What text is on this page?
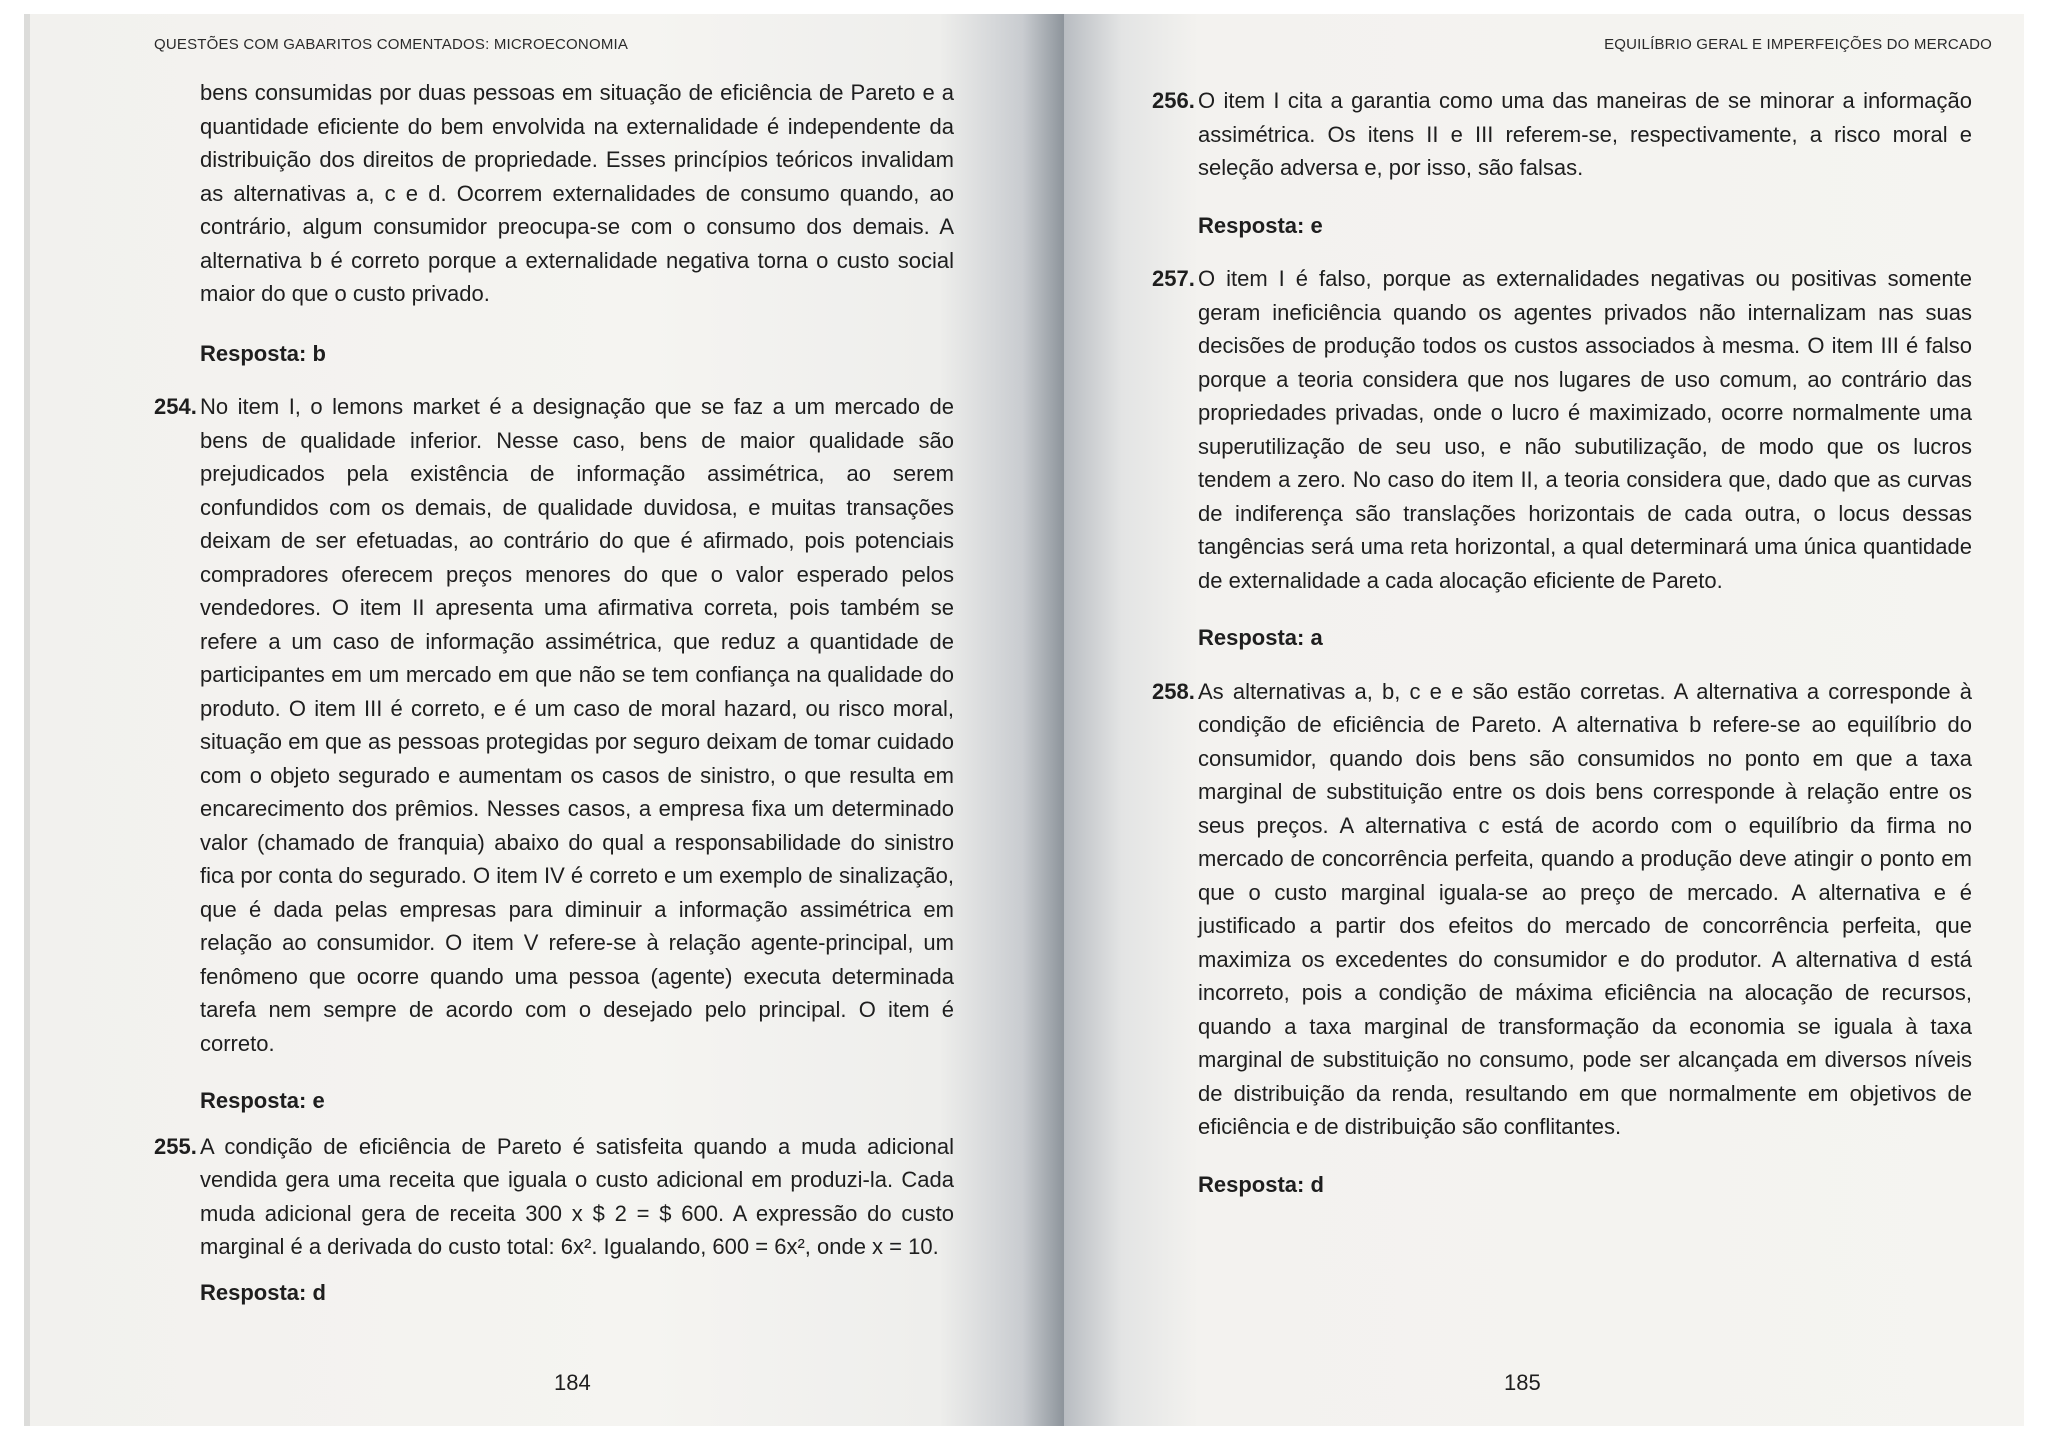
QUESTÕES COM GABARITOS COMENTADOS: MICROECONOMIA

bens consumidas por duas pessoas em situação de eficiência de Pareto e a quantidade eficiente do bem envolvida na externalidade é independente da distribuição dos direitos de propriedade. Esses princípios teóricos invalidam as alternativas a, c e d. Ocorrem externalidades de consumo quando, ao contrário, algum consumidor preocupa-se com o consumo dos demais. A alternativa b é correto porque a externalidade negativa torna o custo social maior do que o custo privado.

Resposta: b
254. No item I, o lemons market é a designação que se faz a um mercado de bens de qualidade inferior. Nesse caso, bens de maior qualidade são prejudicados pela existência de informação assimétrica, ao serem confundidos com os demais, de qualidade duvidosa, e muitas transações deixam de ser efetuadas, ao contrário do que é afirmado, pois potenciais compradores oferecem preços menores do que o valor esperado pelos vendedores. O item II apresenta uma afirmativa correta, pois também se refere a um caso de informação assimétrica, que reduz a quantidade de participantes em um mercado em que não se tem confiança na qualidade do produto. O item III é correto, e é um caso de moral hazard, ou risco moral, situação em que as pessoas protegidas por seguro deixam de tomar cuidado com o objeto segurado e aumentam os casos de sinistro, o que resulta em encarecimento dos prêmios. Nesses casos, a empresa fixa um determinado valor (chamado de franquia) abaixo do qual a responsabilidade do sinistro fica por conta do segurado. O item IV é correto e um exemplo de sinalização, que é dada pelas empresas para diminuir a informação assimétrica em relação ao consumidor. O item V refere-se à relação agente-principal, um fenômeno que ocorre quando uma pessoa (agente) executa determinada tarefa nem sempre de acordo com o desejado pelo principal. O item é correto.

Resposta: e
255. A condição de eficiência de Pareto é satisfeita quando a muda adicional vendida gera uma receita que iguala o custo adicional em produzi-la. Cada muda adicional gera de receita 300 x $ 2 = $ 600. A expressão do custo marginal é a derivada do custo total: 6x². Igualando, 600 = 6x², onde x = 10.

Resposta: d
184
EQUILÍBRIO GERAL E IMPERFEIÇÕES DO MERCADO
256. O item I cita a garantia como uma das maneiras de se minorar a informação assimétrica. Os itens II e III referem-se, respectivamente, a risco moral e seleção adversa e, por isso, são falsas.

Resposta: e
257. O item I é falso, porque as externalidades negativas ou positivas somente geram ineficiência quando os agentes privados não internalizam nas suas decisões de produção todos os custos associados à mesma. O item III é falso porque a teoria considera que nos lugares de uso comum, ao contrário das propriedades privadas, onde o lucro é maximizado, ocorre normalmente uma superutilização de seu uso, e não subutilização, de modo que os lucros tendem a zero. No caso do item II, a teoria considera que, dado que as curvas de indiferença são translações horizontais de cada outra, o locus dessas tangências será uma reta horizontal, a qual determinará uma única quantidade de externalidade a cada alocação eficiente de Pareto.

Resposta: a
258. As alternativas a, b, c e e são estão corretas. A alternativa a corresponde à condição de eficiência de Pareto. A alternativa b refere-se ao equilíbrio do consumidor, quando dois bens são consumidos no ponto em que a taxa marginal de substituição entre os dois bens corresponde à relação entre os seus preços. A alternativa c está de acordo com o equilíbrio da firma no mercado de concorrência perfeita, quando a produção deve atingir o ponto em que o custo marginal iguala-se ao preço de mercado. A alternativa e é justificado a partir dos efeitos do mercado de concorrência perfeita, que maximiza os excedentes do consumidor e do produtor. A alternativa d está incorreto, pois a condição de máxima eficiência na alocação de recursos, quando a taxa marginal de transformação da economia se iguala à taxa marginal de substituição no consumo, pode ser alcançada em diversos níveis de distribuição da renda, resultando em que normalmente em objetivos de eficiência e de distribuição são conflitantes.

Resposta: d
185
